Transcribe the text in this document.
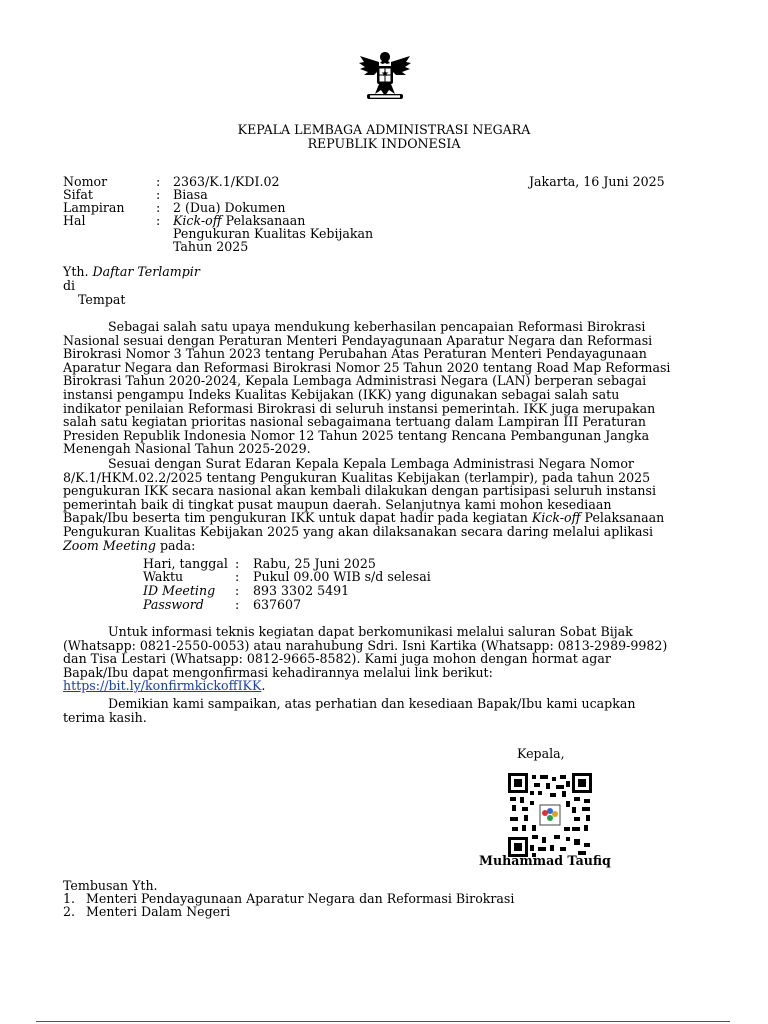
KEPALA LEMBAGA ADMINISTRASI NEGARA
REPUBLIK INDONESIA
Nomor	: 2363/K.1/KDI.02	Jakarta, 16 Juni 2025
Sifat	: Biasa
Lampiran : 2 (Dua) Dokumen
Hal	: Kick-off Pelaksanaan
Pengukuran Kualitas Kebijakan
Tahun 2025
Yth. Daftar Terlampir
di
Tempat
Sebagai salah satu upaya mendukung keberhasilan pencapaian Reformasi Birokrasi
Nasional sesuai dengan Peraturan Menteri Pendayagunaan Aparatur Negara dan Reformasi
Birokrasi Nomor 3 Tahun 2023 tentang Perubahan Atas Peraturan Menteri Pendayagunaan
Aparatur Negara dan Reformasi Birokrasi Nomor 25 Tahun 2020 tentang Road Map Reformasi
Birokrasi Tahun 2020-2024, Kepala Lembaga Administrasi Negara (LAN) berperan sebagai
instansi pengampu Indeks Kualitas Kebijakan (IKK) yang digunakan sebagai salah satu
indikator penilaian Reformasi Birokrasi di seluruh instansi pemerintah. IKK juga merupakan
salah satu kegiatan prioritas nasional sebagaimana tertuang dalam Lampiran III Peraturan
Presiden Republik Indonesia Nomor 12 Tahun 2025 tentang Rencana Pembangunan Jangka
Menengah Nasional Tahun 2025-2029.
Sesuai dengan Surat Edaran Kepala Kepala Lembaga Administrasi Negara Nomor
8/K.1/HKM.02.2/2025 tentang Pengukuran Kualitas Kebijakan (terlampir), pada tahun 2025
pengukuran IKK secara nasional akan kembali dilakukan dengan partisipasi seluruh instansi
pemerintah baik di tingkat pusat maupun daerah. Selanjutnya kami mohon kesediaan
Bapak/Ibu beserta tim pengukuran IKK untuk dapat hadir pada kegiatan Kick-off Pelaksanaan
Pengukuran Kualitas Kebijakan 2025 yang akan dilaksanakan secara daring melalui aplikasi
Zoom Meeting pada:
Hari, tanggal : Rabu, 25 Juni 2025
Waktu	: Pukul 09.00 WIB s/d selesai
ID Meeting : 893 3302 5491
Password : 637607
Untuk informasi teknis kegiatan dapat berkomunikasi melalui saluran Sobat Bijak
(Whatsapp: 0821-2550-0053) atau narahubung Sdri. Isni Kartika (Whatsapp: 0813-2989-9982)
dan Tisa Lestari (Whatsapp: 0812-9665-8582). Kami juga mohon dengan hormat agar
Bapak/Ibu dapat mengonfirmasi kehadirannya melalui link berikut:
https://bit.ly/konfirmkickoffIKK.
Demikian kami sampaikan, atas perhatian dan kesediaan Bapak/Ibu kami ucapkan
terima kasih.
Kepala,
Muhammad Taufiq
Tembusan Yth.
1. Menteri Pendayagunaan Aparatur Negara dan Reformasi Birokrasi
2. Menteri Dalam Negeri
